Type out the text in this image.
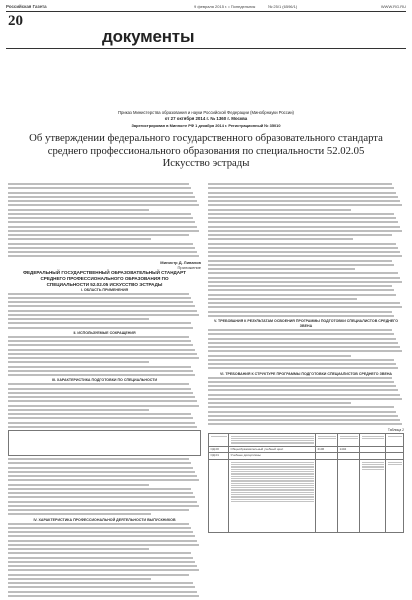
Российская Газета	9 февраля 2015 г. • Понедельник	№ 25/1 (6596/1)	WWW.RG.RU
20
документы
Приказ Министерства образования и науки Российской Федерации (Минобрнауки России)
от 27 октября 2014 г. № 1360 г. Москва
Зарегистрирован в Минюсте РФ 1 декабря 2014 г. Регистрационный № 35010
Об утверждении федерального государственного образовательного стандарта
среднего профессионального образования по специальности 52.02.05
Искусство эстрады
Министр Д. Ливанов
Приложение
ФЕДЕРАЛЬНЫЙ ГОСУДАРСТВЕННЫЙ ОБРАЗОВАТЕЛЬНЫЙ СТАНДАРТ
СРЕДНЕГО ПРОФЕССИОНАЛЬНОГО ОБРАЗОВАНИЯ ПО
СПЕЦИАЛЬНОСТИ 52.02.05 ИСКУССТВО ЭСТРАДЫ
I. ОБЛАСТЬ ПРИМЕНЕНИЯ
II. ИСПОЛЬЗУЕМЫЕ СОКРАЩЕНИЯ
III. ХАРАКТЕРИСТИКА ПОДГОТОВКИ ПО СПЕЦИАЛЬНОСТИ
IV. ХАРАКТЕРИСТИКА ПРОФЕССИОНАЛЬНОЙ ДЕЯТЕЛЬНОСТИ ВЫПУСКНИКОВ
V. ТРЕБОВАНИЯ К РЕЗУЛЬТАТАМ ОСВОЕНИЯ ПРОГРАММЫ ПОДГОТОВКИ СПЕЦИАЛИСТОВ СРЕДНЕГО ЗВЕНА
VI. ТРЕБОВАНИЯ К СТРУКТУРЕ ПРОГРАММЫ ПОДГОТОВКИ СПЕЦИАЛИСТОВ СРЕДНЕГО ЗВЕНА
Таблица 2

ОД.00	Общеобразовательный учебный цикл	2106	1404		
ОД.01	Учебные дисциплины				
